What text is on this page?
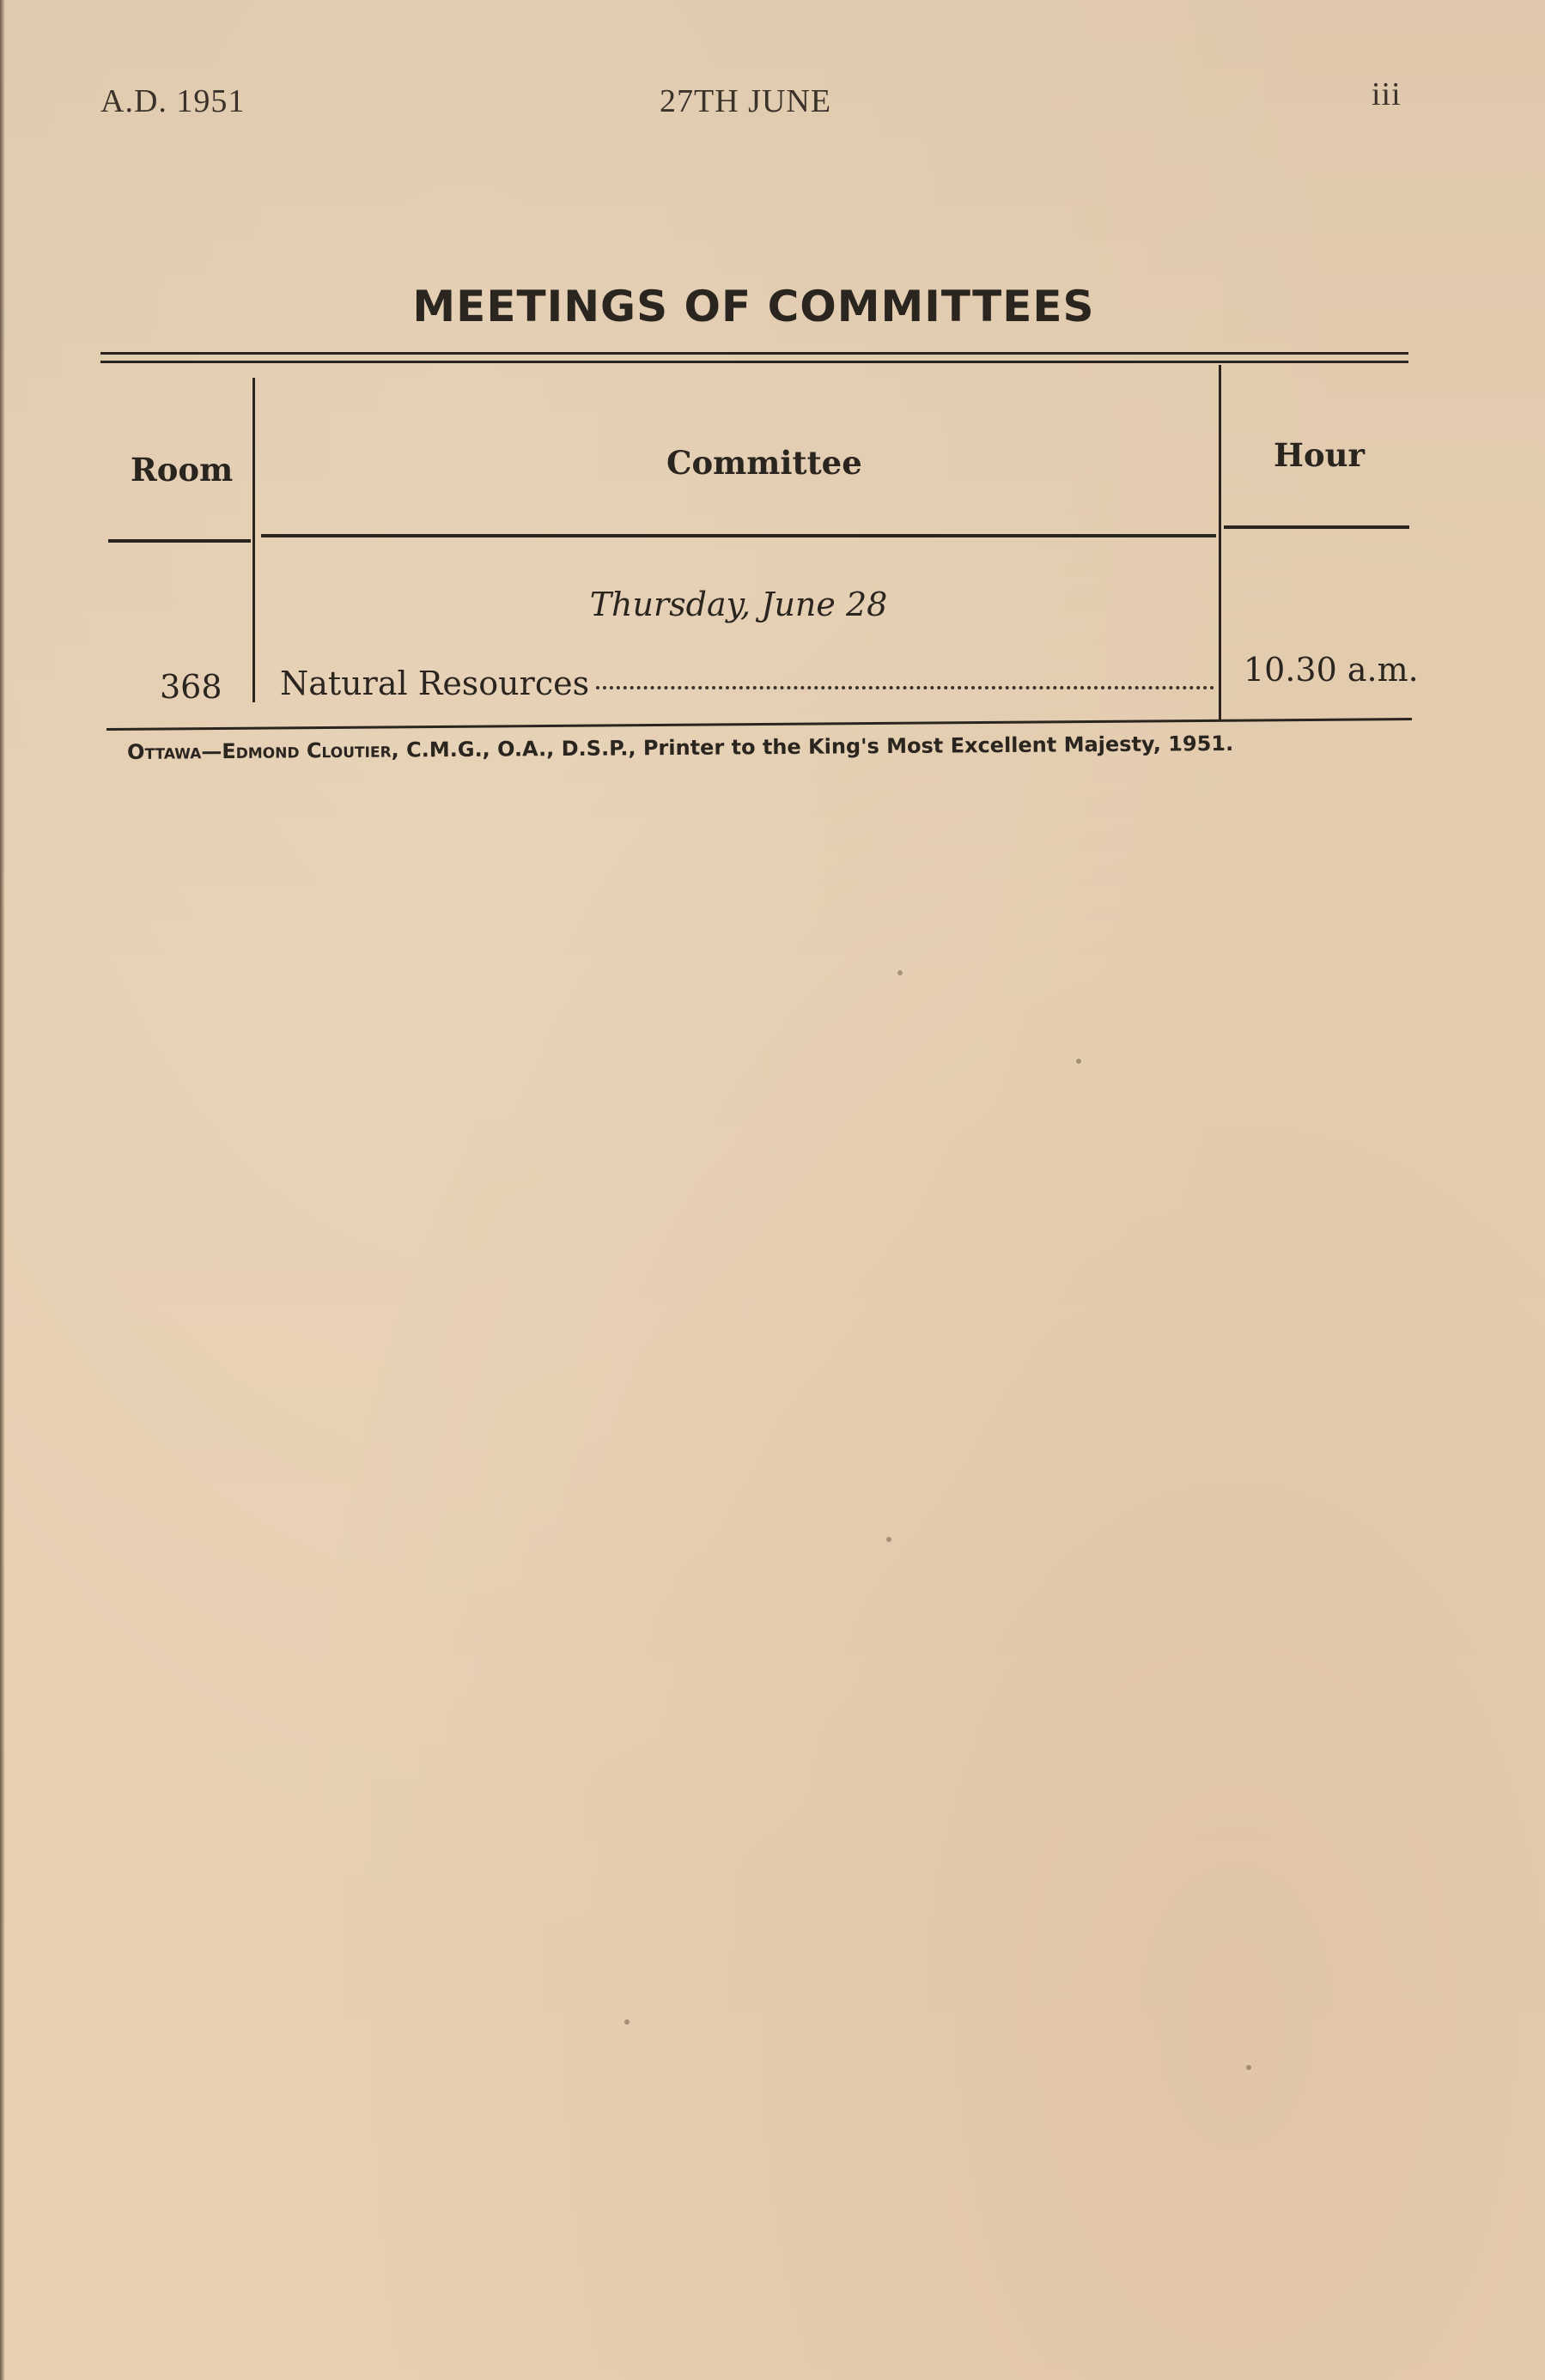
A.D. 1951	27TH JUNE	iii
MEETINGS OF COMMITTEES
Room	Committee	Hour
Thursday, June 28
368 Natural Resources	10.30 a.m.
Ottawa—Edmond Cloutier, C.M.G., O.A., D.S.P., Printer to the King's Most Excellent Majesty, 1951.
